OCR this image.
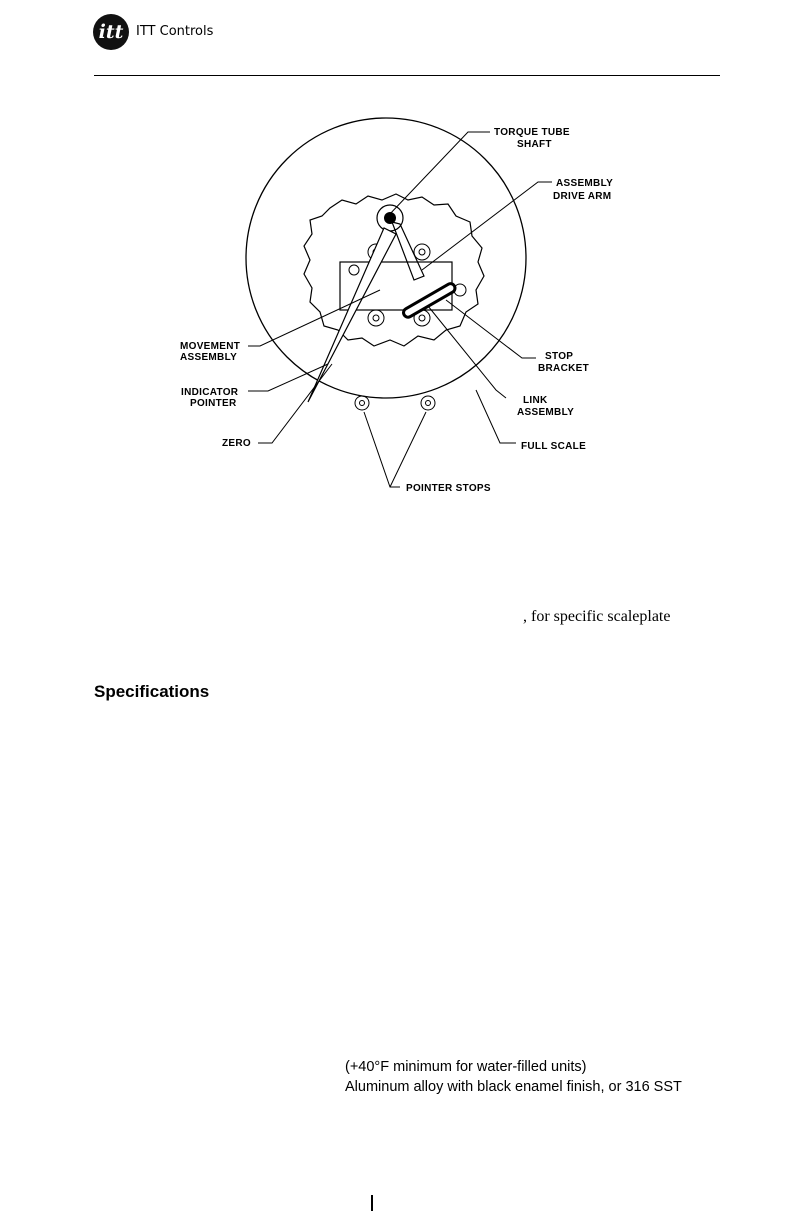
itt ITT Controls
TORQUE TUBE
SHAFT
ASSEMBLY
DRIVE ARM
MOVEMENT
ASSEMBLY
INDICATOR
POINTER
ZERO
STOP
BRACKET
LINK
ASSEMBLY
FULL SCALE
POINTER STOPS
, for specific scaleplate
Specifications
(+40°F minimum for water-filled units)
Aluminum alloy with black enamel finish, or 316 SST
